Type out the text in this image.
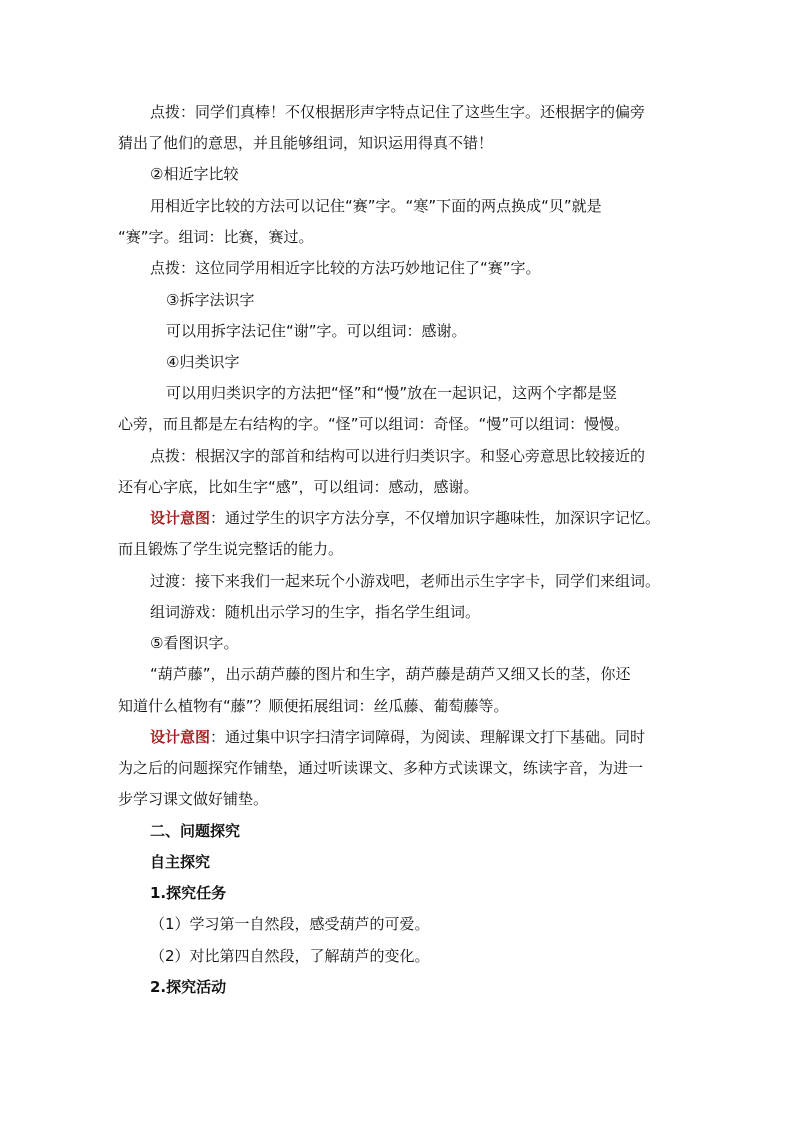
点拨：同学们真棒！不仅根据形声字特点记住了这些生字。还根据字的偏旁
猜出了他们的意思，并且能够组词，知识运用得真不错！
②相近字比较
用相近字比较的方法可以记住“赛”字。“寒”下面的两点换成“贝”就是
“赛”字。组词：比赛，赛过。
点拨：这位同学用相近字比较的方法巧妙地记住了“赛”字。
③拆字法识字
可以用拆字法记住“谢”字。可以组词：感谢。
④归类识字
可以用归类识字的方法把“怪”和“慢”放在一起识记，这两个字都是竖
心旁，而且都是左右结构的字。“怪”可以组词：奇怪。“慢”可以组词：慢慢。
点拨：根据汉字的部首和结构可以进行归类识字。和竖心旁意思比较接近的
还有心字底，比如生字“感”，可以组词：感动，感谢。
设计意图：通过学生的识字方法分享，不仅增加识字趣味性，加深识字记忆。
而且锻炼了学生说完整话的能力。
过渡：接下来我们一起来玩个小游戏吧，老师出示生字字卡，同学们来组词。
组词游戏：随机出示学习的生字，指名学生组词。
⑤看图识字。
“葫芦藤”，出示葫芦藤的图片和生字，葫芦藤是葫芦又细又长的茎，你还
知道什么植物有“藤”？顺便拓展组词：丝瓜藤、葡萄藤等。
设计意图：通过集中识字扫清字词障碍，为阅读、理解课文打下基础。同时
为之后的问题探究作铺垫，通过听读课文、多种方式读课文，练读字音，为进一
步学习课文做好铺垫。
二、问题探究
自主探究
1.探究任务
（1）学习第一自然段，感受葫芦的可爱。
（2）对比第四自然段，了解葫芦的变化。
2.探究活动
